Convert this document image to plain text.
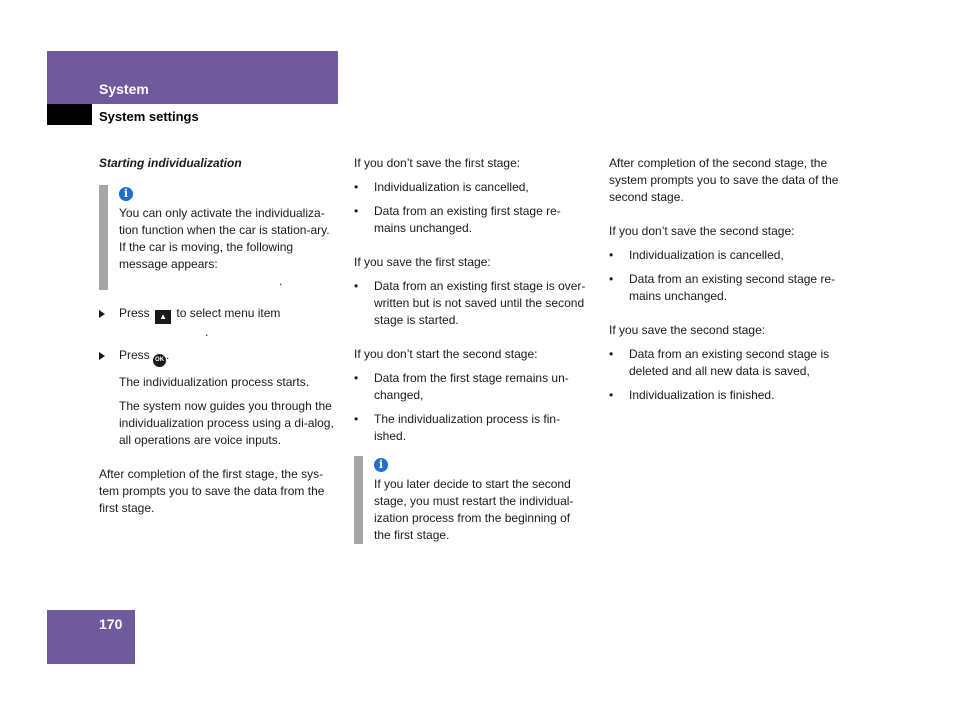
System
System settings

Starting individualization

i

You can only activate the individualiza-tion function when the car is station-ary. If the car is moving, the following message appears:

.
Press ▲ to select menu item
.
Press OK .

The individualization process starts.

The system now guides you through the individualization process using a di-alog, all operations are voice inputs.

After completion of the first stage, the sys-tem prompts you to save the data from the first stage.

If you don’t save the first stage:

• Individualization is cancelled,
• Data from an existing first stage re-mains unchanged.

If you save the first stage:

• Data from an existing first stage is over-written but is not saved until the second stage is started.

If you don’t start the second stage:

• Data from the first stage remains un-changed,
• The individualization process is fin-ished.
i

If you later decide to start the second stage, you must restart the individual-ization process from the beginning of the first stage.

After completion of the second stage, the system prompts you to save the data of the second stage.

If you don’t save the second stage:

• Individualization is cancelled,
• Data from an existing second stage re-mains unchanged.

If you save the second stage:

• Data from an existing second stage is deleted and all new data is saved,
• Individualization is finished.
170
